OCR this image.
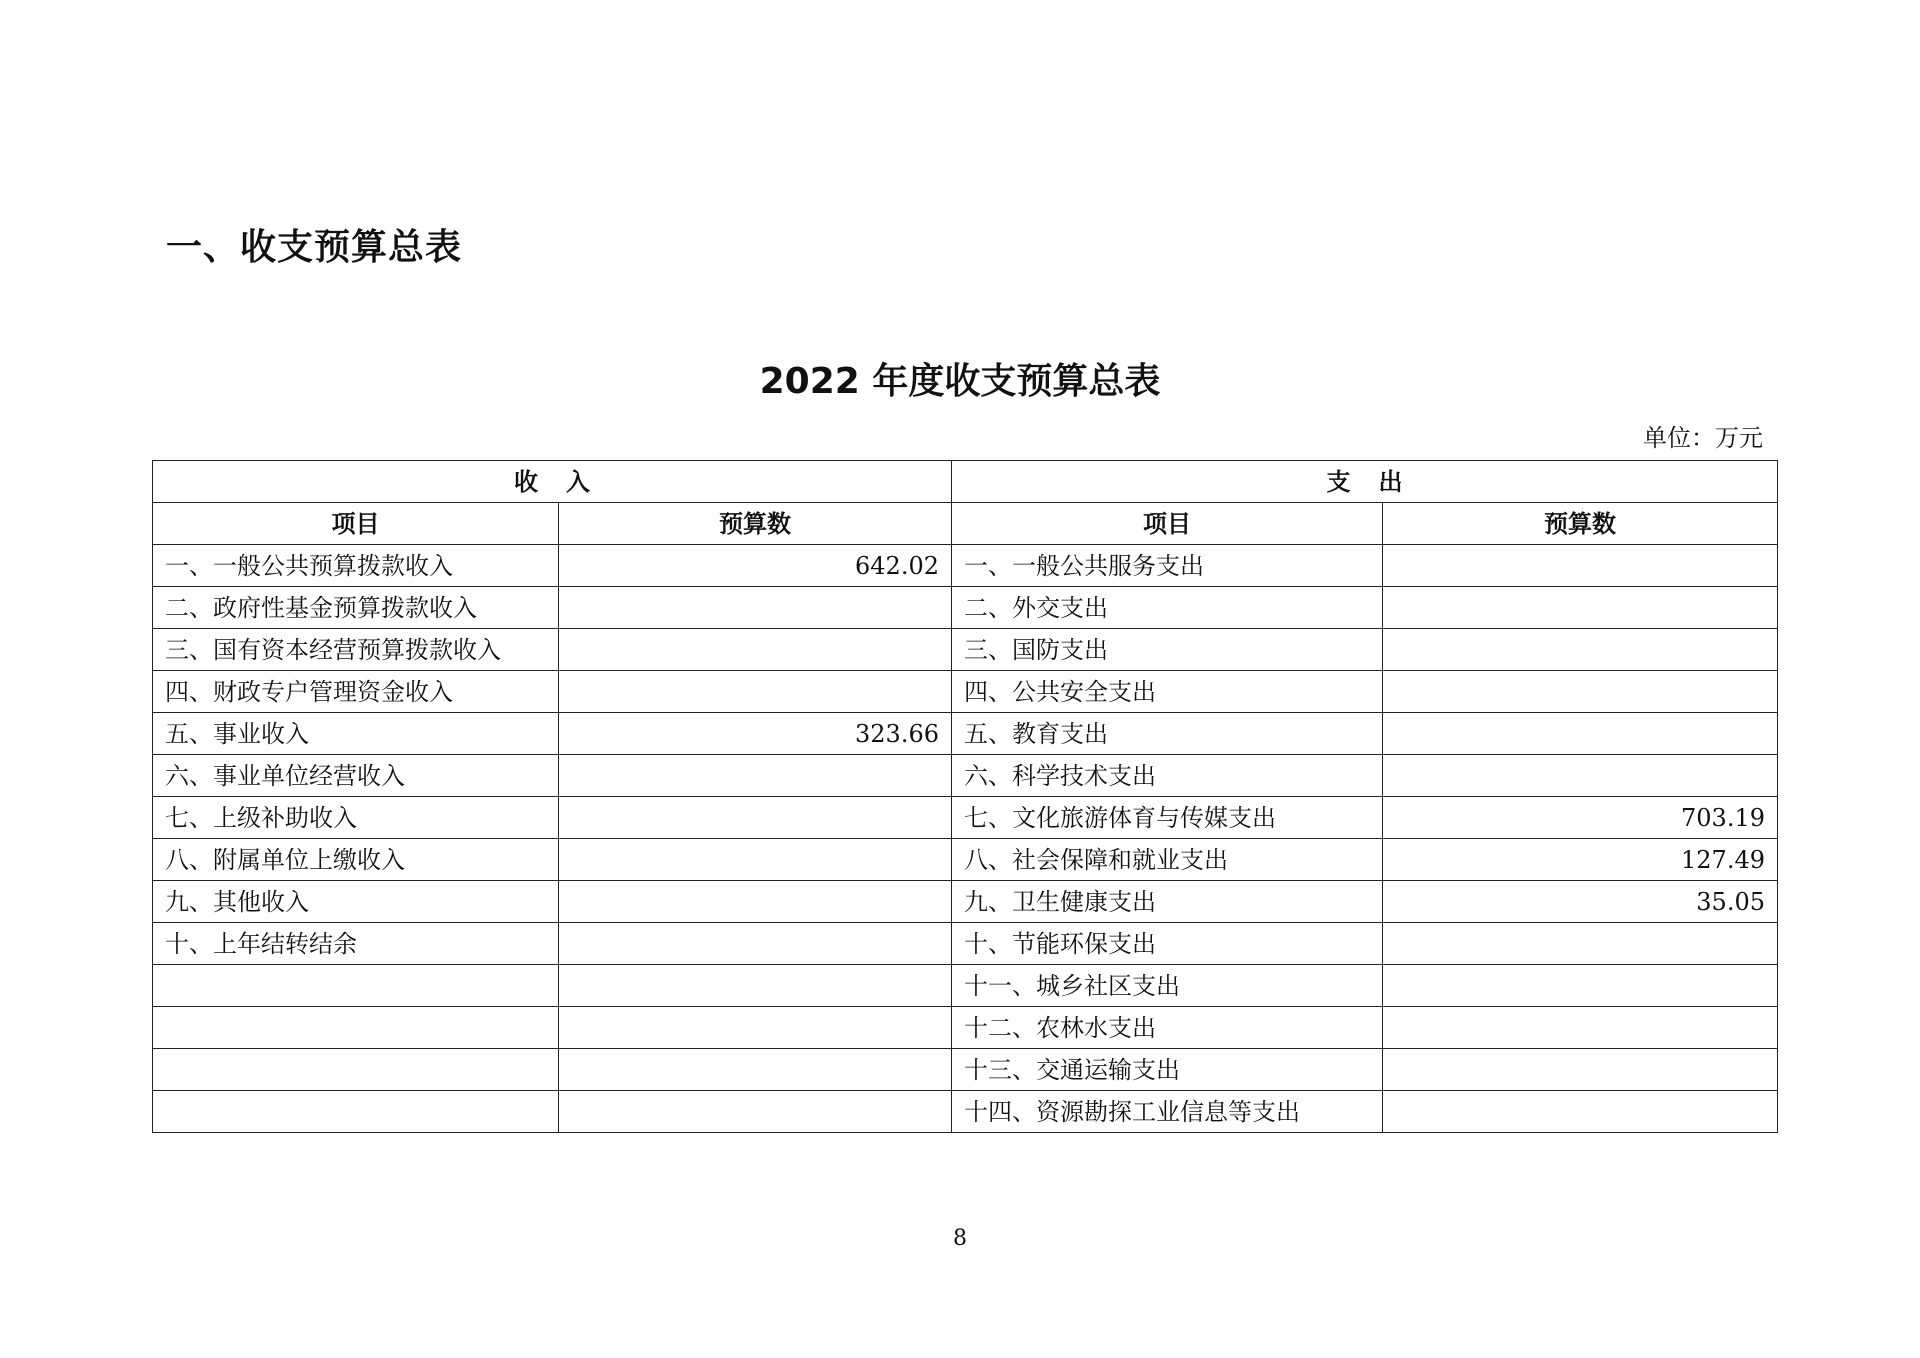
一、收支预算总表
2022 年度收支预算总表
单位：万元
收入		支出	
项目	预算数	项目	预算数
一、一般公共预算拨款收入	642.02	一、一般公共服务支出	
二、政府性基金预算拨款收入		二、外交支出	
三、国有资本经营预算拨款收入		三、国防支出	
四、财政专户管理资金收入		四、公共安全支出	
五、事业收入	323.66	五、教育支出	
六、事业单位经营收入		六、科学技术支出	
七、上级补助收入		七、文化旅游体育与传媒支出	703.19
八、附属单位上缴收入		八、社会保障和就业支出	127.49
九、其他收入		九、卫生健康支出	35.05
十、上年结转结余		十、节能环保支出	
		十一、城乡社区支出	
		十二、农林水支出	
		十三、交通运输支出	
		十四、资源勘探工业信息等支出	
8
